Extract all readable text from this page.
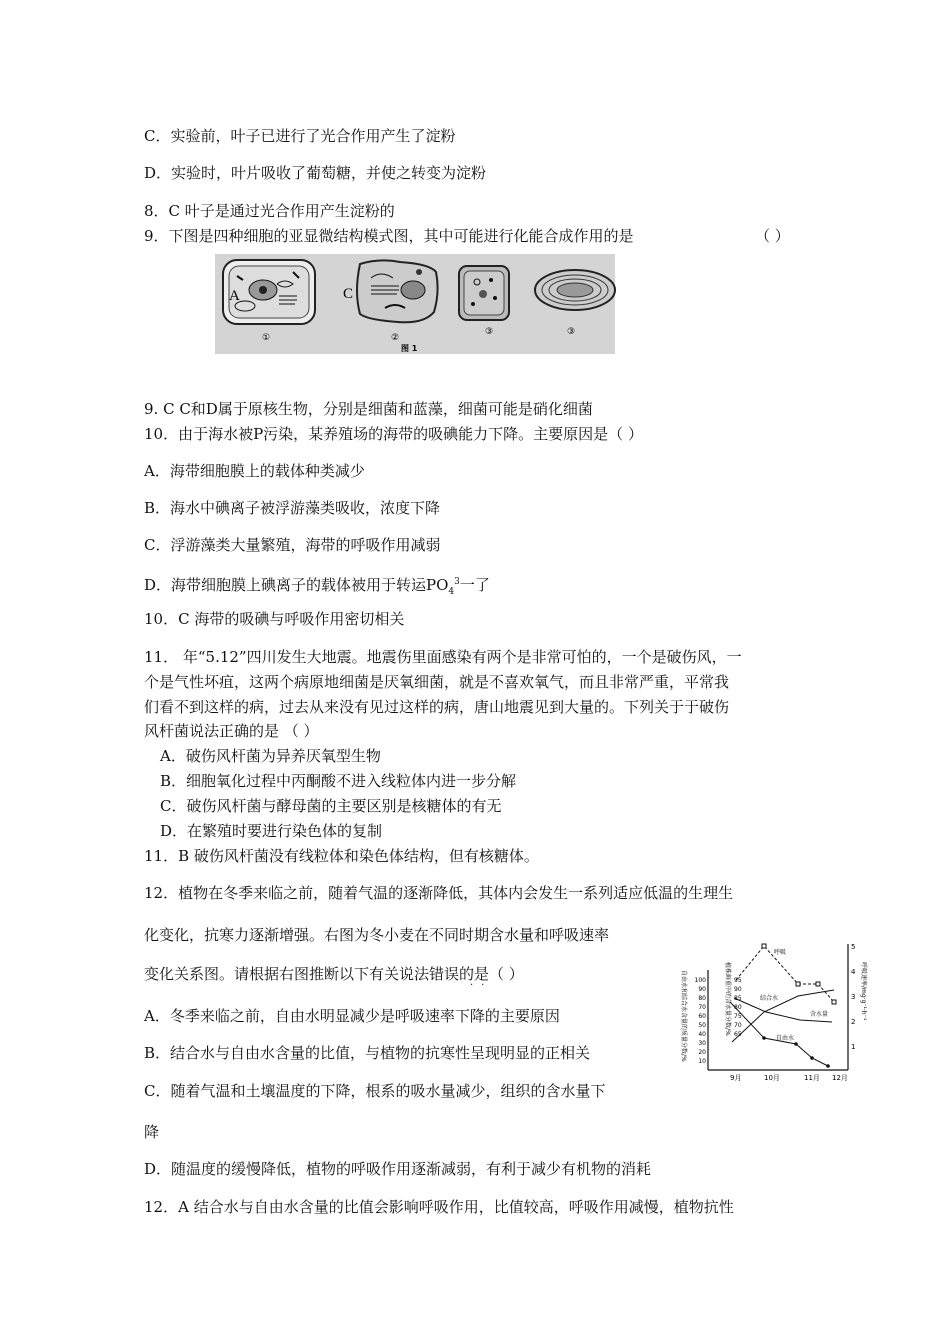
C．实验前，叶子已进行了光合作用产生了淀粉
D．实验时，叶片吸收了葡萄糖，并使之转变为淀粉
8．C 叶子是通过光合作用产生淀粉的
9．下图是四种细胞的亚显微结构模式图，其中可能进行化能合成作用的是	（ ）
A
①
C
②
③	③
图 1
9. C C和D属于原核生物，分别是细菌和蓝藻，细菌可能是硝化细菌
10．由于海水被P污染，某养殖场的海带的吸碘能力下降。主要原因是（ ）
A．海带细胞膜上的载体种类减少
B．海水中碘离子被浮游藻类吸收，浓度下降
C．浮游藻类大量繁殖，海带的呼吸作用减弱
D．海带细胞膜上碘离子的载体被用于转运$PO_4^3$一了
10．C 海带的吸碘与呼吸作用密切相关
11． 年“5.12”四川发生大地震。地震伤里面感染有两个是非常可怕的，一个是破伤风，一
个是气性坏疽，这两个病原地细菌是厌氧细菌，就是不喜欢氧气，而且非常严重，平常我
们看不到这样的病，过去从来没有见过这样的病，唐山地震见到大量的。下列关于于破伤
风杆菌说法正确的是 （ ）
A．破伤风杆菌为异养厌氧型生物
B．细胞氧化过程中丙酮酸不进入线粒体内进一步分解
C．破伤风杆菌与酵母菌的主要区别是核糖体的有无
D．在繁殖时要进行染色体的复制
11．B 破伤风杆菌没有线粒体和染色体结构，但有核糖体。
12．植物在冬季来临之前，随着气温的逐渐降低，其体内会发生一系列适应低温的生理生
化变化，抗寒力逐渐增强。右图为冬小麦在不同时期含水量和呼吸速率
变化关系图。请根据右图推断以下有关说法错误的是（ ）
··
A．冬季来临之前，自由水明显减少是呼吸速率下降的主要原因
B．结合水与自由水含量的比值，与植物的抗寒性呈现明显的正相关
C．随着气温和土壤温度的下降，根系的吸水量减少，组织的含水量下
降
D．随温度的缓慢降低，植物的呼吸作用逐渐减弱，有利于减少有机物的消耗
12．A 结合水与自由水含量的比值会影响呼吸作用，比值较高，呼吸作用减慢，植物抗性
自由水和结合水含量的质量分数/%	植株鲜重中的含水量分数/%	呼吸速率/mg·g⁻¹·h⁻¹
100
90
80
70
60
50
40
30
20
10
95
90
85
80
75
70
65
5
4
3
2
1
9月	10月	11月 12月
呼吸
结合水
含水量
自由水
